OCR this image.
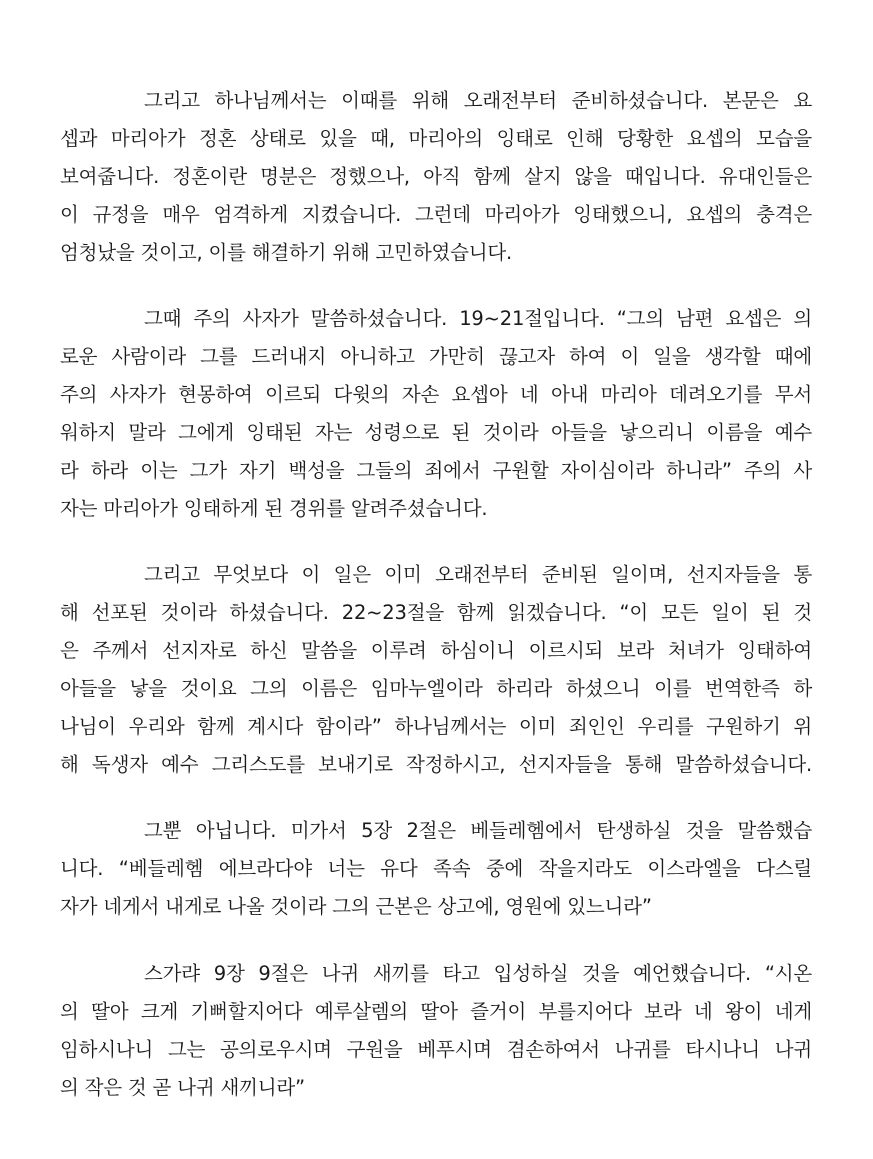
그리고 하나님께서는 이때를 위해 오래전부터 준비하셨습니다. 본문은 요
셉과 마리아가 정혼 상태로 있을 때, 마리아의 잉태로 인해 당황한 요셉의 모습을
보여줍니다. 정혼이란 명분은 정했으나, 아직 함께 살지 않을 때입니다. 유대인들은
이 규정을 매우 엄격하게 지켰습니다. 그런데 마리아가 잉태했으니, 요셉의 충격은
엄청났을 것이고, 이를 해결하기 위해 고민하였습니다.
그때 주의 사자가 말씀하셨습니다. 19~21절입니다. “그의 남편 요셉은 의
로운 사람이라 그를 드러내지 아니하고 가만히 끊고자 하여 이 일을 생각할 때에
주의 사자가 현몽하여 이르되 다윗의 자손 요셉아 네 아내 마리아 데려오기를 무서
워하지 말라 그에게 잉태된 자는 성령으로 된 것이라 아들을 낳으리니 이름을 예수
라 하라 이는 그가 자기 백성을 그들의 죄에서 구원할 자이심이라 하니라” 주의 사
자는 마리아가 잉태하게 된 경위를 알려주셨습니다.
그리고 무엇보다 이 일은 이미 오래전부터 준비된 일이며, 선지자들을 통
해 선포된 것이라 하셨습니다. 22~23절을 함께 읽겠습니다. “이 모든 일이 된 것
은 주께서 선지자로 하신 말씀을 이루려 하심이니 이르시되 보라 처녀가 잉태하여
아들을 낳을 것이요 그의 이름은 임마누엘이라 하리라 하셨으니 이를 번역한즉 하
나님이 우리와 함께 계시다 함이라” 하나님께서는 이미 죄인인 우리를 구원하기 위
해 독생자 예수 그리스도를 보내기로 작정하시고, 선지자들을 통해 말씀하셨습니다.
그뿐 아닙니다. 미가서 5장 2절은 베들레헴에서 탄생하실 것을 말씀했습
니다. “베들레헴 에브라다야 너는 유다 족속 중에 작을지라도 이스라엘을 다스릴
자가 네게서 내게로 나올 것이라 그의 근본은 상고에, 영원에 있느니라”
스가랴 9장 9절은 나귀 새끼를 타고 입성하실 것을 예언했습니다. “시온
의 딸아 크게 기뻐할지어다 예루살렘의 딸아 즐거이 부를지어다 보라 네 왕이 네게
임하시나니 그는 공의로우시며 구원을 베푸시며 겸손하여서 나귀를 타시나니 나귀
의 작은 것 곧 나귀 새끼니라”
